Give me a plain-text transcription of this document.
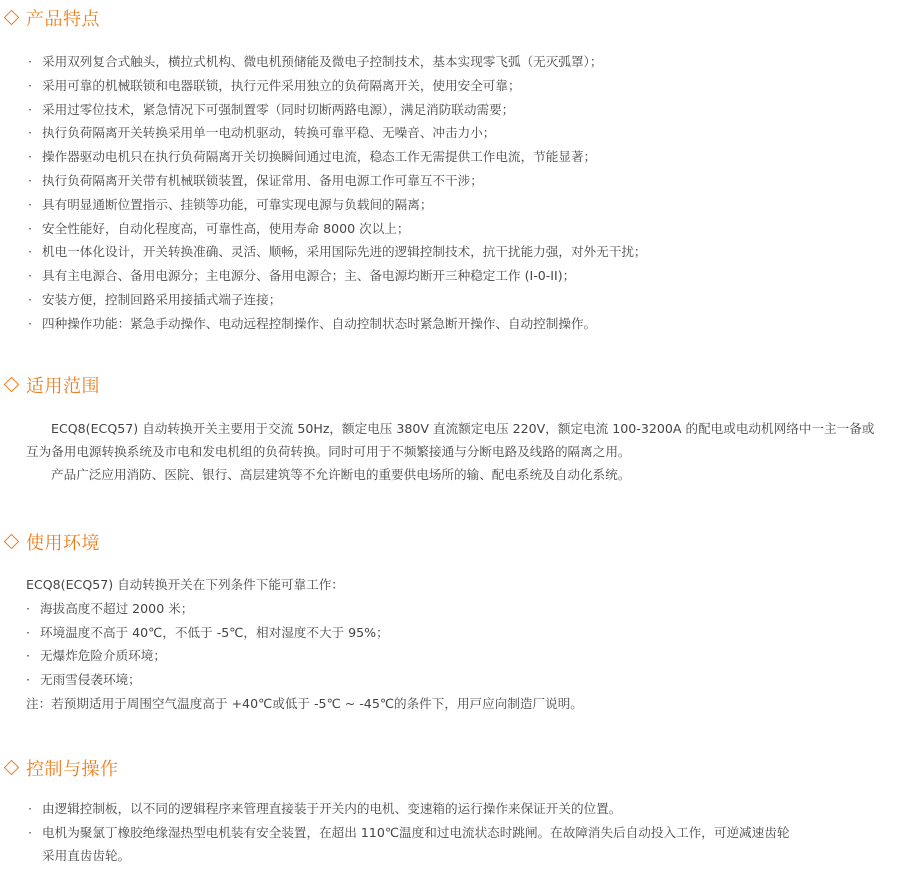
产品特点
· 采用双列复合式触头，横拉式机构、微电机预储能及微电子控制技术，基本实现零飞弧（无灭弧罩）；
· 采用可靠的机械联锁和电器联锁，执行元件采用独立的负荷隔离开关，使用安全可靠；
· 采用过零位技术，紧急情况下可强制置零（同时切断两路电源），满足消防联动需要；
· 执行负荷隔离开关转换采用单一电动机驱动，转换可靠平稳、无噪音、冲击力小；
· 操作器驱动电机只在执行负荷隔离开关切换瞬间通过电流，稳态工作无需提供工作电流，节能显著；
· 执行负荷隔离开关带有机械联锁装置，保证常用、备用电源工作可靠互不干涉；
· 具有明显通断位置指示、挂锁等功能，可靠实现电源与负载间的隔离；
· 安全性能好，自动化程度高，可靠性高，使用寿命 8000 次以上；
· 机电一体化设计，开关转换准确、灵活、顺畅，采用国际先进的逻辑控制技术，抗干扰能力强，对外无干扰；
· 具有主电源合、备用电源分；主电源分、备用电源合；主、备电源均断开三种稳定工作 (I-0-II)；
· 安装方便，控制回路采用接插式端子连接；
· 四种操作功能：紧急手动操作、电动远程控制操作、自动控制状态时紧急断开操作、自动控制操作。
适用范围

ECQ8(ECQ57) 自动转换开关主要用于交流 50Hz，额定电压 380V 直流额定电压 220V，额定电流 100-3200A 的配电或电动机网络中一主一备或互为备用电源转换系统及市电和发电机组的负荷转换。同时可用于不频繁接通与分断电路及线路的隔离之用。

产品广泛应用消防、医院、银行、高层建筑等不允许断电的重要供电场所的输、配电系统及自动化系统。

使用环境
ECQ8(ECQ57) 自动转换开关在下列条件下能可靠工作：
· 海拔高度不超过 2000 米；
· 环境温度不高于 40℃，不低于 -5℃，相对湿度不大于 95%；
· 无爆炸危险介质环境；
· 无雨雪侵袭环境；
注：若预期适用于周围空气温度高于 +40℃或低于 -5℃ ~ -45℃的条件下，用戸应向制造厂说明。
控制与操作
· 由逻辑控制板，以不同的逻辑程序来管理直接装于开关内的电机、变速箱的运行操作来保证开关的位置。
· 电机为聚氯丁橡胶绝缘湿热型电机装有安全装置，在超出 110℃温度和过电流状态时跳闸。在故障消失后自动投入工作，可逆减速齿轮
采用直齿齿轮。
